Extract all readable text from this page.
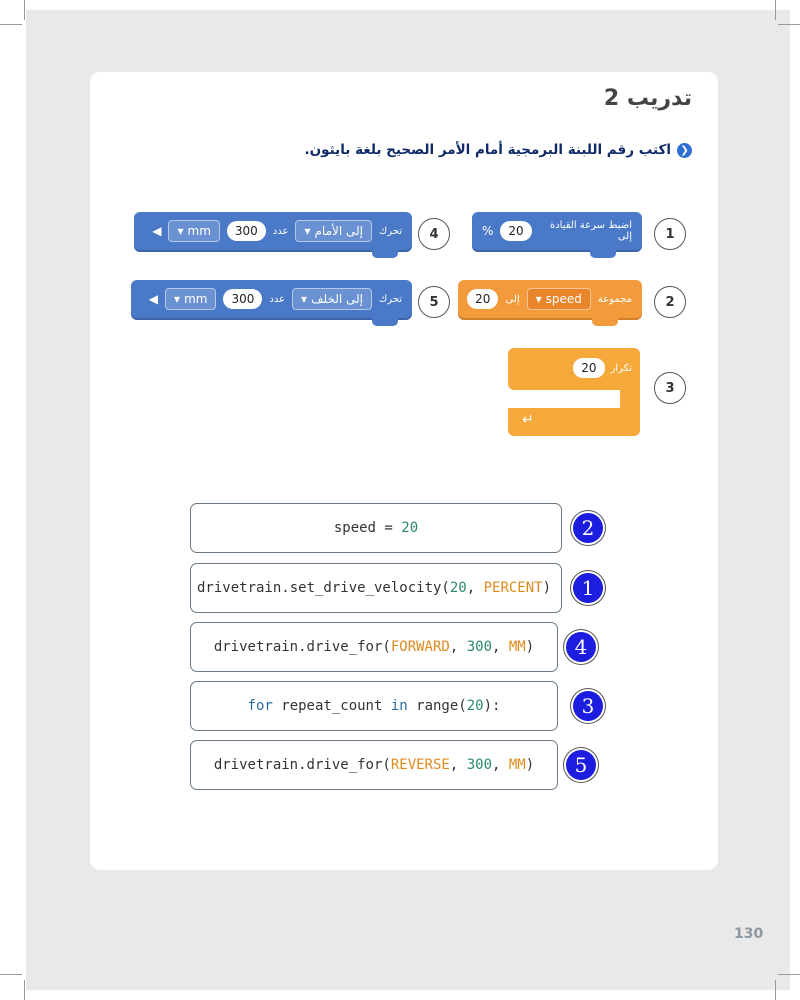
تدريب 2
❮
اكتب رقم اللبنة البرمجية أمام الأمر الصحيح بلغة بايثون.
1
اضبط سرعة القيادة إلى
20
%
4
تحرك
▾ إلى الأمام
عدد
300
▾ mm
◀
2
مجموعة
▾ speed
إلى
20
5
تحرك
▾ إلى الخلف
عدد
300
▾ mm
◀
3
تكرار
20
↵
speed = 20	2
drivetrain.set_drive_velocity( 20 , PERCENT )	1
drivetrain.drive_for( FORWARD , 300 , MM )	4
for repeat_count in range( 20 ):	3
drivetrain.drive_for( REVERSE , 300 , MM )	5
130
